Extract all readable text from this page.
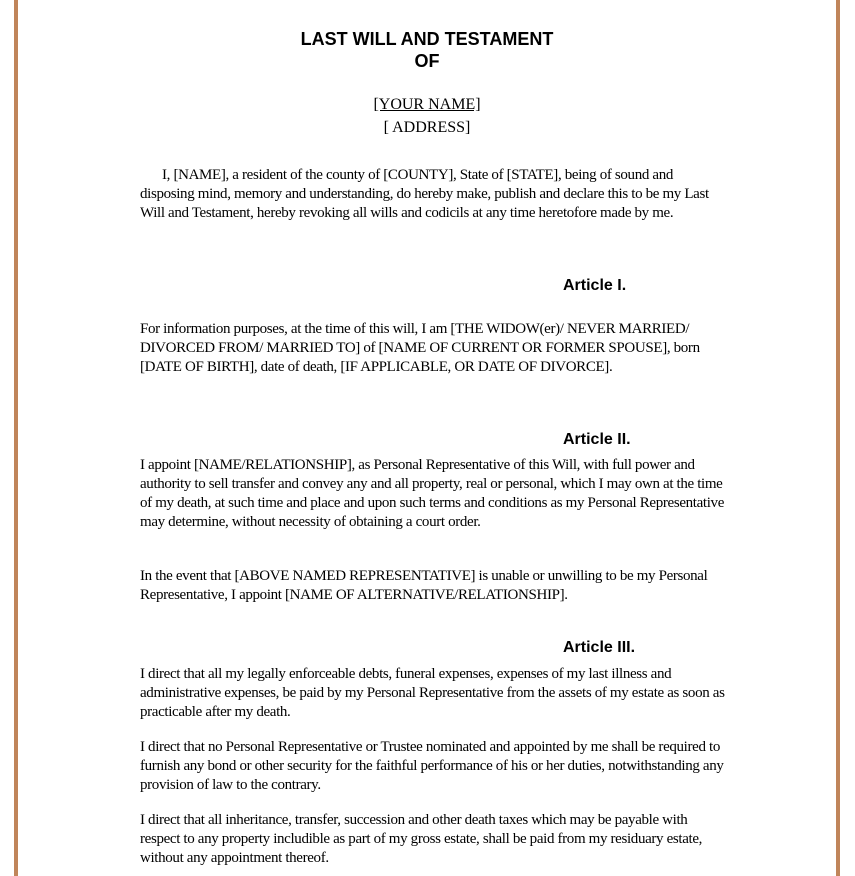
LAST WILL AND TESTAMENT
OF
[YOUR NAME]
[ ADDRESS]

I, [NAME], a resident of the county of [COUNTY], State of [STATE], being of sound and disposing mind, memory and understanding, do hereby make, publish and declare this to be my Last Will and Testament, hereby revoking all wills and codicils at any time heretofore made by me.

Article I.

For information purposes, at the time of this will, I am [THE WIDOW(er)/ NEVER MARRIED/ DIVORCED FROM/ MARRIED TO] of [NAME OF CURRENT OR FORMER SPOUSE], born [DATE OF BIRTH], date of death, [IF APPLICABLE, OR DATE OF DIVORCE].

Article II.

I appoint [NAME/RELATIONSHIP], as Personal Representative of this Will, with full power and authority to sell transfer and convey any and all property, real or personal, which I may own at the time of my death, at such time and place and upon such terms and conditions as my Personal Representative may determine, without necessity of obtaining a court order.

In the event that [ABOVE NAMED REPRESENTATIVE] is unable or unwilling to be my Personal Representative, I appoint [NAME OF ALTERNATIVE/RELATIONSHIP].

Article III.

I direct that all my legally enforceable debts, funeral expenses, expenses of my last illness and administrative expenses, be paid by my Personal Representative from the assets of my estate as soon as practicable after my death.

I direct that no Personal Representative or Trustee nominated and appointed by me shall be required to furnish any bond or other security for the faithful performance of his or her duties, notwithstanding any provision of law to the contrary.

I direct that all inheritance, transfer, succession and other death taxes which may be payable with respect to any property includible as part of my gross estate, shall be paid from my residuary estate, without any appointment thereof.
